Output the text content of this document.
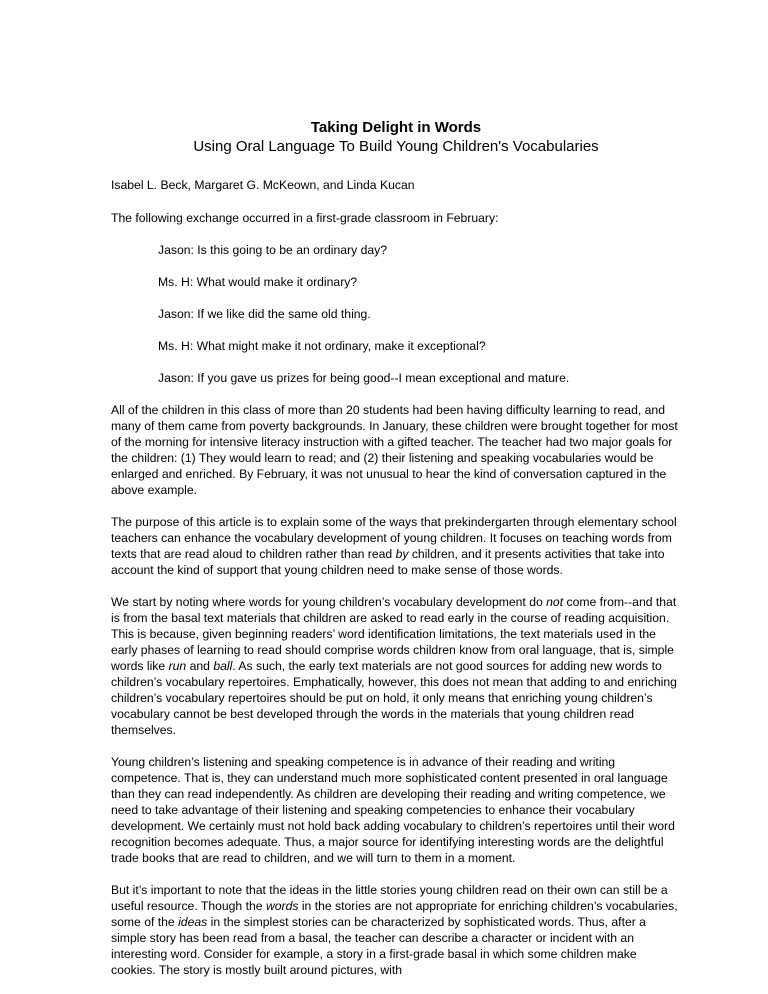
Taking Delight in Words
Using Oral Language To Build Young Children's Vocabularies

Isabel L. Beck, Margaret G. McKeown, and Linda Kucan

The following exchange occurred in a first-grade classroom in February:

Jason: Is this going to be an ordinary day?

Ms. H: What would make it ordinary?

Jason: If we like did the same old thing.

Ms. H: What might make it not ordinary, make it exceptional?

Jason: If you gave us prizes for being good--I mean exceptional and mature.

All of the children in this class of more than 20 students had been having difficulty learning to read, and many of them came from poverty backgrounds. In January, these children were brought together for most of the morning for intensive literacy instruction with a gifted teacher. The teacher had two major goals for the children: (1) They would learn to read; and (2) their listening and speaking vocabularies would be enlarged and enriched. By February, it was not unusual to hear the kind of conversation captured in the above example.

The purpose of this article is to explain some of the ways that prekindergarten through elementary school teachers can enhance the vocabulary development of young children. It focuses on teaching words from texts that are read aloud to children rather than read by children, and it presents activities that take into account the kind of support that young children need to make sense of those words.

We start by noting where words for young children’s vocabulary development do not come from--and that is from the basal text materials that children are asked to read early in the course of reading acquisition. This is because, given beginning readers’ word identification limitations, the text materials used in the early phases of learning to read should comprise words children know from oral language, that is, simple words like run and ball. As such, the early text materials are not good sources for adding new words to children’s vocabulary repertoires. Emphatically, however, this does not mean that adding to and enriching children’s vocabulary repertoires should be put on hold, it only means that enriching young children’s vocabulary cannot be best developed through the words in the materials that young children read themselves.

Young children’s listening and speaking competence is in advance of their reading and writing competence. That is, they can understand much more sophisticated content presented in oral language than they can read independently. As children are developing their reading and writing competence, we need to take advantage of their listening and speaking competencies to enhance their vocabulary development. We certainly must not hold back adding vocabulary to children’s repertoires until their word recognition becomes adequate. Thus, a major source for identifying interesting words are the delightful trade books that are read to children, and we will turn to them in a moment.

But it’s important to note that the ideas in the little stories young children read on their own can still be a useful resource. Though the words in the stories are not appropriate for enriching children’s vocabularies, some of the ideas in the simplest stories can be characterized by sophisticated words. Thus, after a simple story has been read from a basal, the teacher can describe a character or incident with an interesting word. Consider for example, a story in a first-grade basal in which some children make cookies. The story is mostly built around pictures, with
